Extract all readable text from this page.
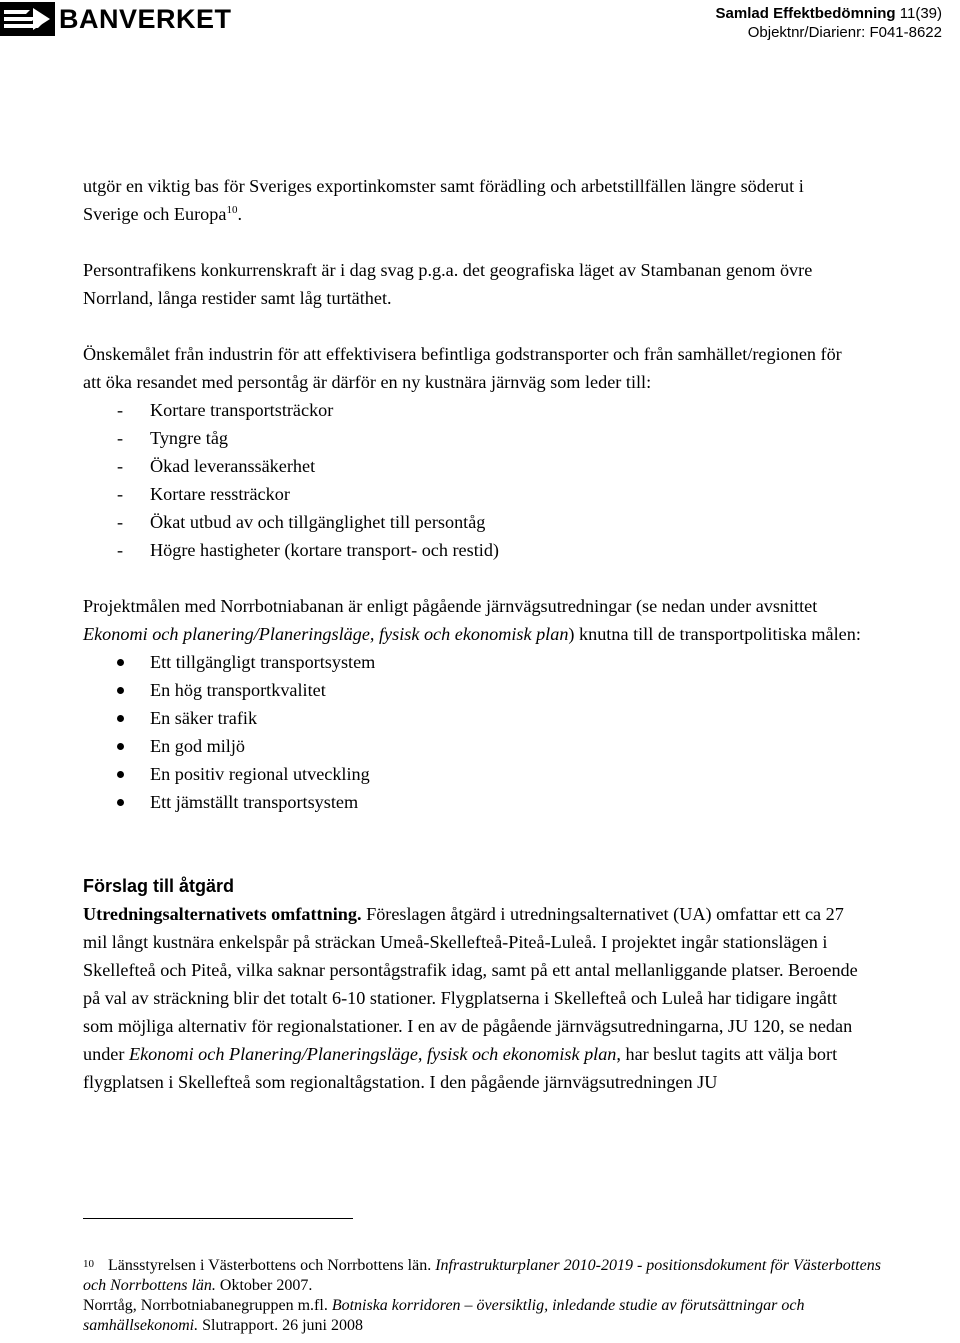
BANVERKET	Samlad Effektbedömning 11(39)
Objektnr/Diarienr: F041-8622

utgör en viktig bas för Sveriges exportinkomster samt förädling och arbetstillfällen längre söderut i Sverige och Europa$^{10}$.

Persontrafikens konkurrenskraft är i dag svag p.g.a. det geografiska läget av Stambanan genom övre Norrland, långa restider samt låg turtäthet.

Önskemålet från industrin för att effektivisera befintliga godstransporter och från samhället/regionen för att öka resandet med persontåg är därför en ny kustnära järnväg som leder till:

- Kortare transportsträckor
- Tyngre tåg
- Ökad leveranssäkerhet
- Kortare ressträckor
- Ökat utbud av och tillgänglighet till persontåg
- Högre hastigheter (kortare transport- och restid)

Projektmålen med Norrbotniabanan är enligt pågående järnvägsutredningar (se nedan under avsnittet Ekonomi och planering/Planeringsläge, fysisk och ekonomisk plan) knutna till de transportpolitiska målen:

Ett tillgängligt transportsystem
En hög transportkvalitet
En säker trafik
En god miljö
En positiv regional utveckling
Ett jämställt transportsystem
Förslag till åtgärd

Utredningsalternativets omfattning. Föreslagen åtgärd i utredningsalternativet (UA) omfattar ett ca 27 mil långt kustnära enkelspår på sträckan Umeå-Skellefteå-Piteå-Luleå. I projektet ingår stationslägen i Skellefteå och Piteå, vilka saknar persontågstrafik idag, samt på ett antal mellanliggande platser. Beroende på val av sträckning blir det totalt 6-10 stationer. Flygplatserna i Skellefteå och Luleå har tidigare ingått som möjliga alternativ för regionalstationer. I en av de pågående järnvägsutredningarna, JU 120, se nedan under Ekonomi och Planering/Planeringsläge, fysisk och ekonomisk plan, har beslut tagits att välja bort flygplatsen i Skellefteå som regionaltågstation. I den pågående järnvägsutredningen JU

$^{10}$ Länsstyrelsen i Västerbottens och Norrbottens län. Infrastrukturplaner 2010-2019 - positionsdokument för Västerbottens och Norrbottens län. Oktober 2007.

Norrtåg, Norrbotniabanegruppen m.fl. Botniska korridoren – översiktlig, inledande studie av förutsättningar och samhällsekonomi. Slutrapport. 26 juni 2008
